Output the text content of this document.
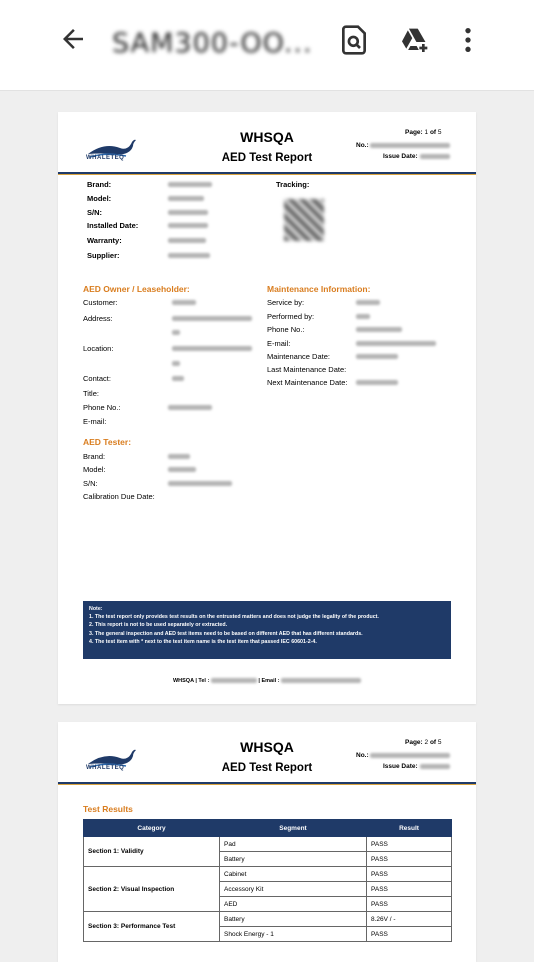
SAM300-OO...
WHALETEQ
WHSQA
AED Test Report
Page: 1 of 5
No.:
Issue Date:
Brand:
Model:
S/N:
Installed Date:
Warranty:
Supplier:
Tracking:
AED Owner / Leaseholder:
Customer:
Address:
Location:
Contact:
Title:
Phone No.:
E-mail:
Maintenance Information:
Service by:
Performed by:
Phone No.:
E-mail:
Maintenance Date:
Last Maintenance Date:
Next Maintenance Date:
AED Tester:
Brand:
Model:
S/N:
Calibration Due Date:
Note:
1. The test report only provides test results on the entrusted matters and does not judge the legality of the product.
2. This report is not to be used separately or extracted.
3. The general inspection and AED test items need to be based on different AED that has different standards.
4. The test item with * next to the test item name is the test item that passed IEC 60601-2-4.
WHSQA | Tel :	| Email :
WHALETEQ
WHSQA
AED Test Report
Page: 2 of 5
No.:
Issue Date:
Test Results
Category	Segment	Result
Section 1: Validity	Pad	PASS
	Battery	PASS
Section 2: Visual Inspection	Cabinet	PASS
	Accessory Kit	PASS
	AED	PASS
Section 3: Performance Test	Battery	8.26V / -
	Shock Energy - 1	PASS
